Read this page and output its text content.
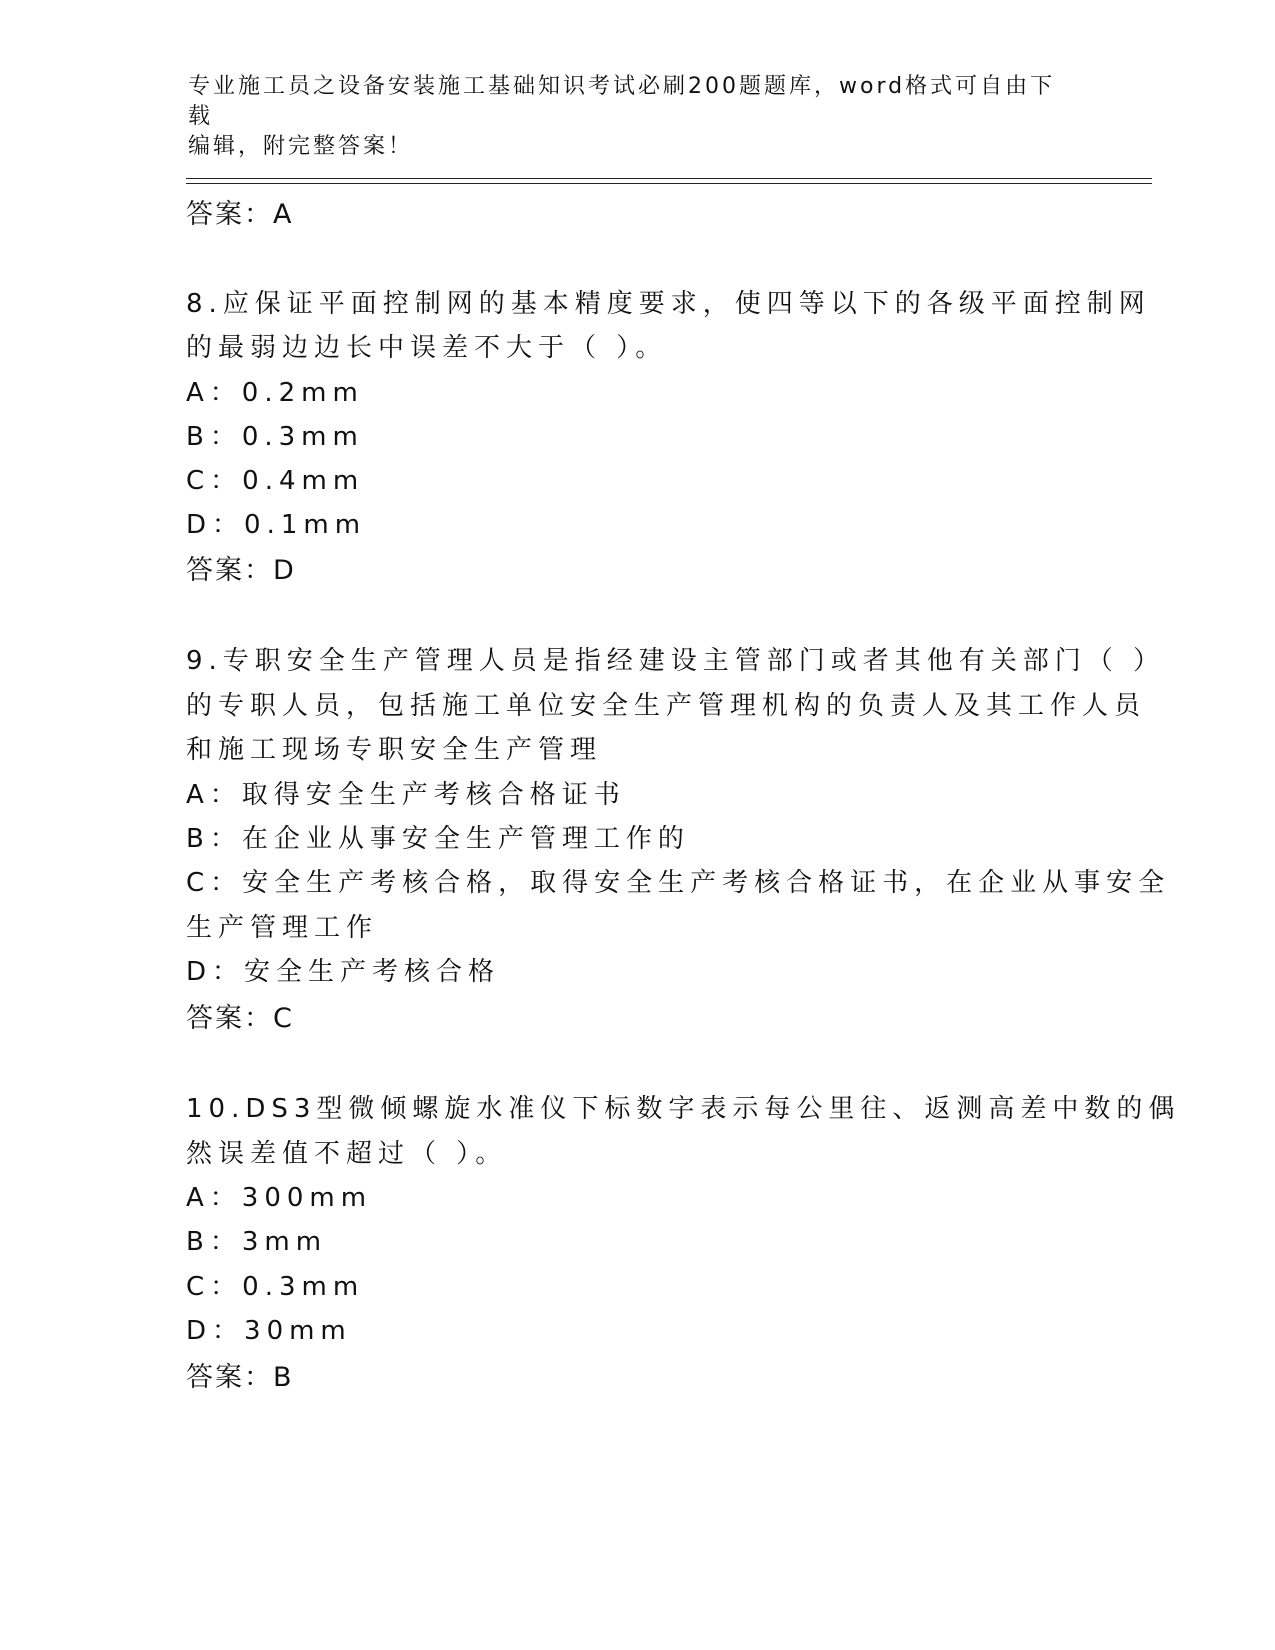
专业施工员之设备安装施工基础知识考试必刷200题题库，word格式可自由下载
编辑，附完整答案！
答案：A
8.应保证平面控制网的基本精度要求，使四等以下的各级平面控制网
的最弱边边长中误差不大于（ ）。
A：0.2mm
B：0.3mm
C：0.4mm
D：0.1mm
答案：D
9.专职安全生产管理人员是指经建设主管部门或者其他有关部门（ ）
的专职人员，包括施工单位安全生产管理机构的负责人及其工作人员
和施工现场专职安全生产管理
A：取得安全生产考核合格证书
B：在企业从事安全生产管理工作的
C：安全生产考核合格，取得安全生产考核合格证书，在企业从事安全
生产管理工作
D：安全生产考核合格
答案：C
10.DS3型微倾螺旋水准仪下标数字表示每公里往、返测高差中数的偶
然误差值不超过（ ）。
A：300mm
B：3mm
C：0.3mm
D：30mm
答案：B
